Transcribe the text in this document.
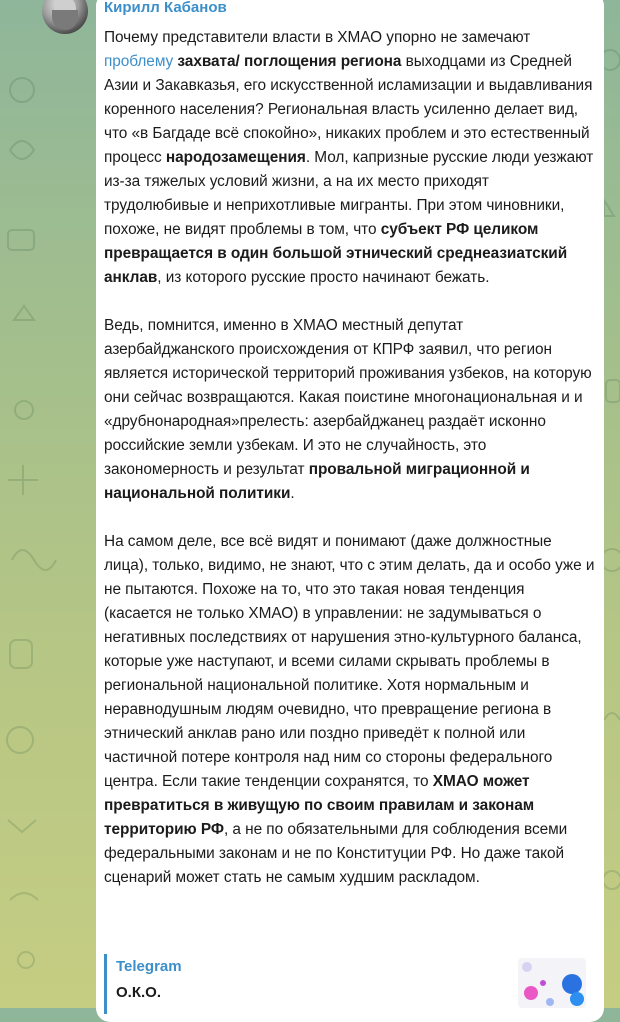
Кирилл Кабанов

Почему представители власти в ХМАО упорно не замечают проблему захвата/ поглощения региона выходцами из Средней Азии и Закавказья, его искусственной исламизации и выдавливания коренного населения? Региональная власть усиленно делает вид, что «в Багдаде всё спокойно», никаких проблем и это естественный процесс народозамещения. Мол, капризные русские люди уезжают из-за тяжелых условий жизни, а на их место приходят трудолюбивые и неприхотливые мигранты. При этом чиновники, похоже, не видят проблемы в том, что субъект РФ целиком превращается в один большой этнический среднеазиатский анклав, из которого русские просто начинают бежать.

Ведь, помнится, именно в ХМАО местный депутат азербайджанского происхождения от КПРФ заявил, что регион является исторической территорий проживания узбеков, на которую они сейчас возвращаются. Какая поистине многонациональная и и «друбнонародная»прелесть: азербайджанец раздаёт исконно российские земли узбекам. И это не случайность, это закономерность и результат провальной миграционной и национальной политики.

На самом деле, все всё видят и понимают (даже должностные лица), только, видимо, не знают, что с этим делать, да и особо уже и не пытаются. Похоже на то, что это такая новая тенденция (касается не только ХМАО) в управлении: не задумываться о негативных последствиях от нарушения этно-культурного баланса, которые уже наступают, и всеми силами скрывать проблемы в региональной национальной политике. Хотя нормальным и неравнодушным людям очевидно, что превращение региона в этнический анклав рано или поздно приведёт к полной или частичной потере контроля над ним со стороны федерального центра. Если такие тенденции сохранятся, то ХМАО может превратиться в живущую по своим правилам и законам территорию РФ, а не по обязательными для соблюдения всеми федеральными законам и не по Конституции РФ. Но даже такой сценарий может стать не самым худшим раскладом.

Telegram
О.К.О.
